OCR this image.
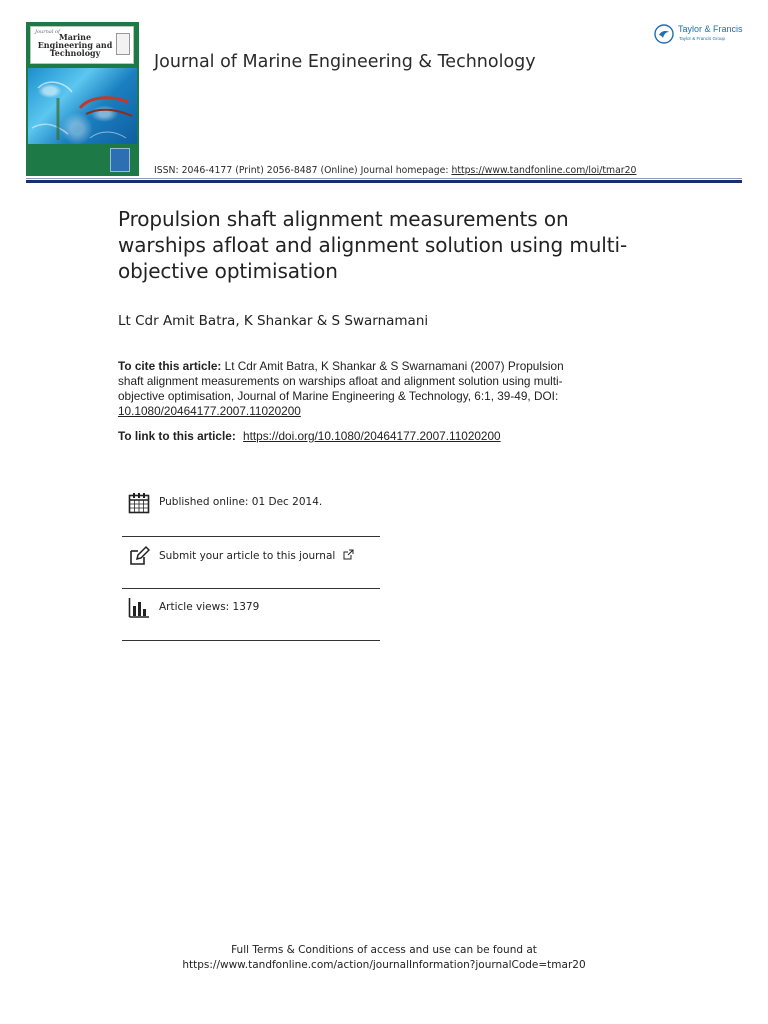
Journal of Marine
Engineering and
Technology	Journal of Marine Engineering & Technology
ISSN: 2046-4177 (Print) 2056-8487 (Online) Journal homepage: https://www.tandfonline.com/loi/tmar20
Taylor & Francis
Taylor & Francis Group
Propulsion shaft alignment measurements on warships afloat and alignment solution using multi-objective optimisation
Lt Cdr Amit Batra, K Shankar & S Swarnamani
To cite this article: Lt Cdr Amit Batra, K Shankar & S Swarnamani (2007) Propulsion shaft alignment measurements on warships afloat and alignment solution using multi-objective optimisation, Journal of Marine Engineering & Technology, 6:1, 39-49, DOI: 10.1080/20464177.2007.11020200
To link to this article: https://doi.org/10.1080/20464177.2007.11020200
Published online: 01 Dec 2014.
Submit your article to this journal
Article views: 1379
Full Terms & Conditions of access and use can be found at
https://www.tandfonline.com/action/journalInformation?journalCode=tmar20
